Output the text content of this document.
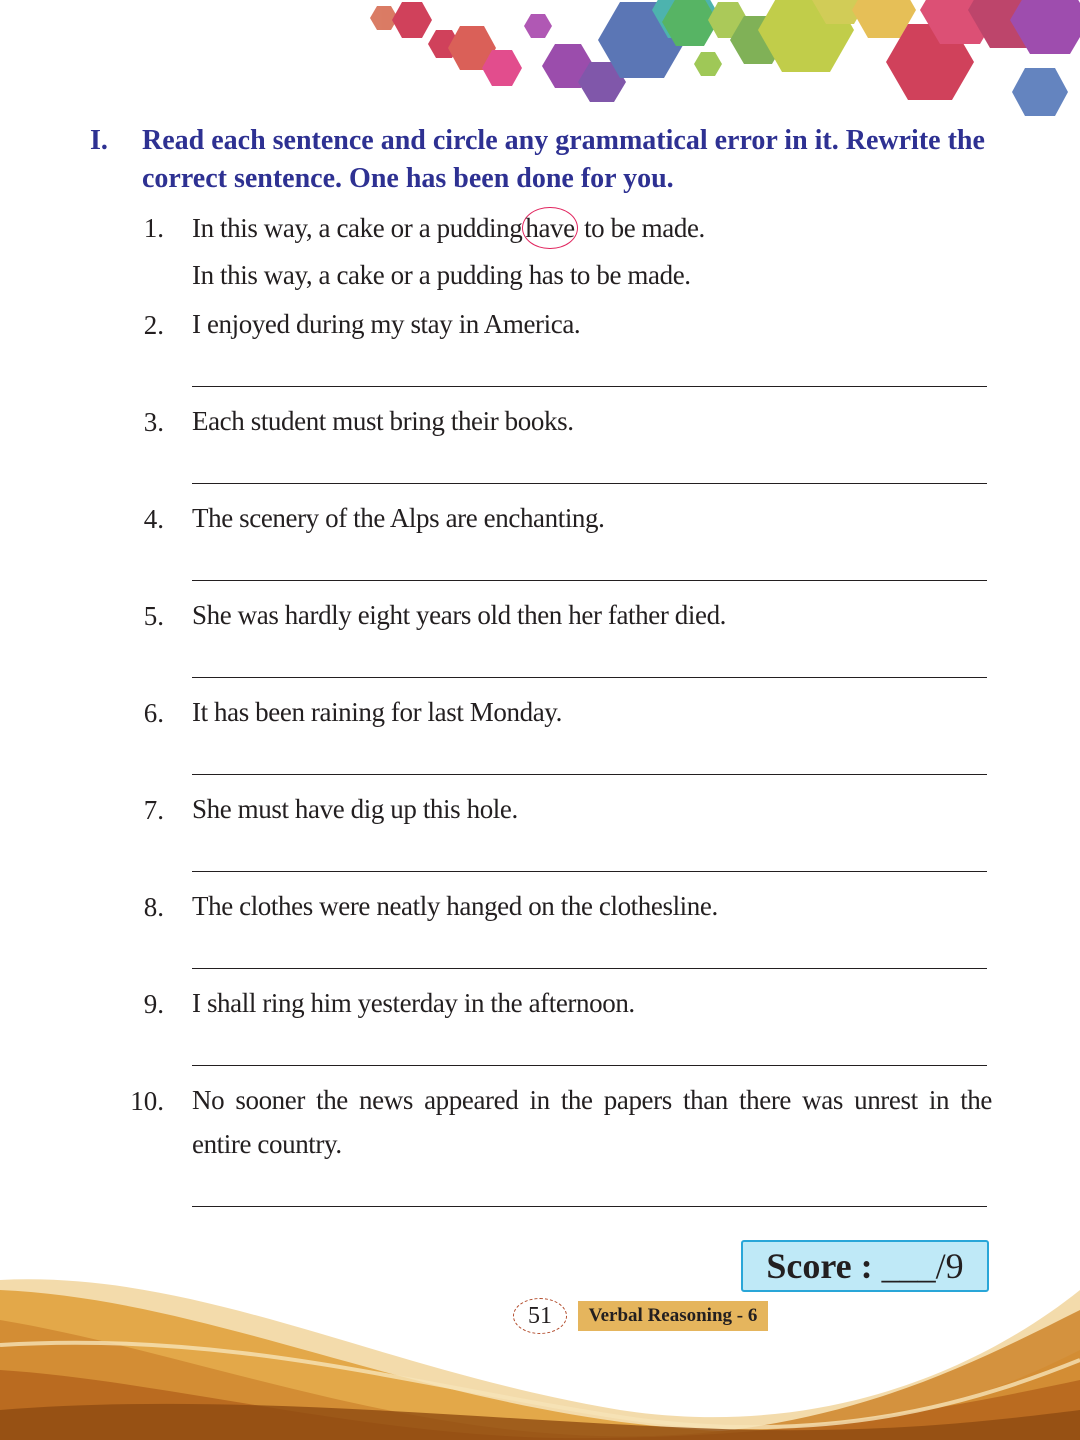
I. Read each sentence and circle any grammatical error in it. Rewrite the correct sentence. One has been done for you.
1. In this way, a cake or a pudding have to be made.
In this way, a cake or a pudding has to be made.
2. I enjoyed during my stay in America.
3. Each student must bring their books.
4. The scenery of the Alps are enchanting.
5. She was hardly eight years old then her father died.
6. It has been raining for last Monday.
7. She must have dig up this hole.
8. The clothes were neatly hanged on the clothesline.
9. I shall ring him yesterday in the afternoon.
10. No sooner the news appeared in the papers than there was unrest in the entire country.
Score : ___/9
51	Verbal Reasoning - 6
